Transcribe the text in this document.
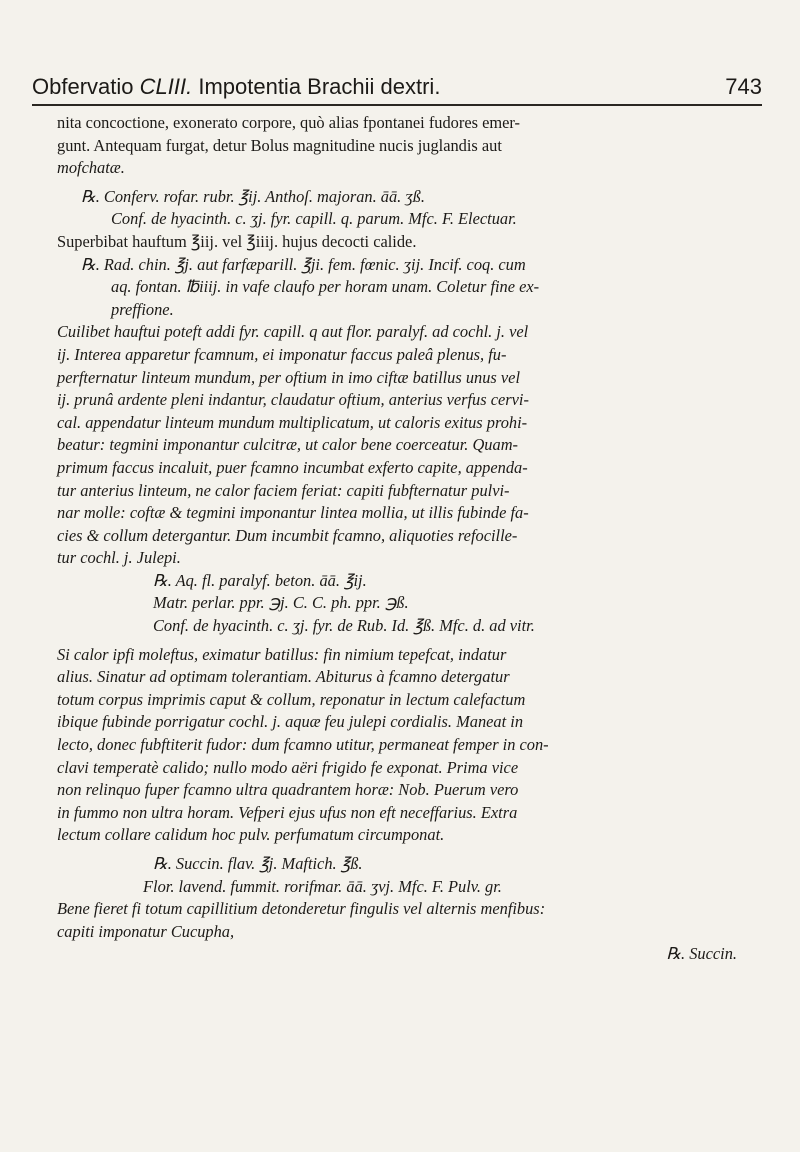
Obfervatio CLIII. Impotentia Brachii dextri.	743

nita concoctione, exonerato corpore, quò alias fpontanei fudores emer-

gunt. Antequam furgat, detur Bolus magnitudine nucis juglandis aut

mofchatæ.

℞. Conferv. rofar. rubr. ℥ij. Anthoſ. majoran. āā. ʒß.

Conf. de hyacinth. c. ʒj. fyr. capill. q. parum. Mfc. F. Electuar.

Superbibat hauftum ℥iij. vel ℥iiij. hujus decocti calide.

℞. Rad. chin. ℥j. aut farfæparill. ℥ji. fem. fœnic. ʒij. Incif. coq. cum

aq. fontan. ℔iiij. in vafe claufo per horam unam. Coletur fine ex-

preffione.

Cuilibet hauftui poteft addi fyr. capill. q aut flor. paralyf. ad cochl. j. vel

ij. Interea apparetur fcamnum, ei imponatur faccus paleâ plenus, fu-

perfternatur linteum mundum, per oftium in imo ciftæ batillus unus vel

ij. prunâ ardente pleni indantur, claudatur oftium, anterius verfus cervi-

cal. appendatur linteum mundum multiplicatum, ut caloris exitus prohi-

beatur: tegmini imponantur culcitræ, ut calor bene coerceatur. Quam-

primum faccus incaluit, puer fcamno incumbat exferto capite, appenda-

tur anterius linteum, ne calor faciem feriat: capiti fubfternatur pulvi-

nar molle: coftæ & tegmini imponantur lintea mollia, ut illis fubinde fa-

cies & collum detergantur. Dum incumbit fcamno, aliquoties refocille-

tur cochl. j. Julepi.

℞. Aq. fl. paralyf. beton. āā. ℥ij.

Matr. perlar. ppr. ℈j. C. C. ph. ppr. ℈ß.

Conf. de hyacinth. c. ʒj. fyr. de Rub. Id. ℥ß. Mfc. d. ad vitr.

Si calor ipfi moleftus, eximatur batillus: fin nimium tepefcat, indatur

alius. Sinatur ad optimam tolerantiam. Abiturus à fcamno detergatur

totum corpus imprimis caput & collum, reponatur in lectum calefactum

ibique fubinde porrigatur cochl. j. aquæ feu julepi cordialis. Maneat in

lecto, donec fubftiterit fudor: dum fcamno utitur, permaneat femper in con-

clavi temperatè calido; nullo modo aëri frigido fe exponat. Prima vice

non relinquo fuper fcamno ultra quadrantem horæ: Nob. Puerum vero

in fummo non ultra horam. Vefperi ejus ufus non eft neceffarius. Extra

lectum collare calidum hoc pulv. perfumatum circumponat.

℞. Succin. flav. ℥j. Maftich. ℥ß.

Flor. lavend. fummit. rorifmar. āā. ʒvj. Mfc. F. Pulv. gr.

Bene fieret fi totum capillitium detonderetur fingulis vel alternis menfibus:

capiti imponatur Cucupha,

℞. Succin.
